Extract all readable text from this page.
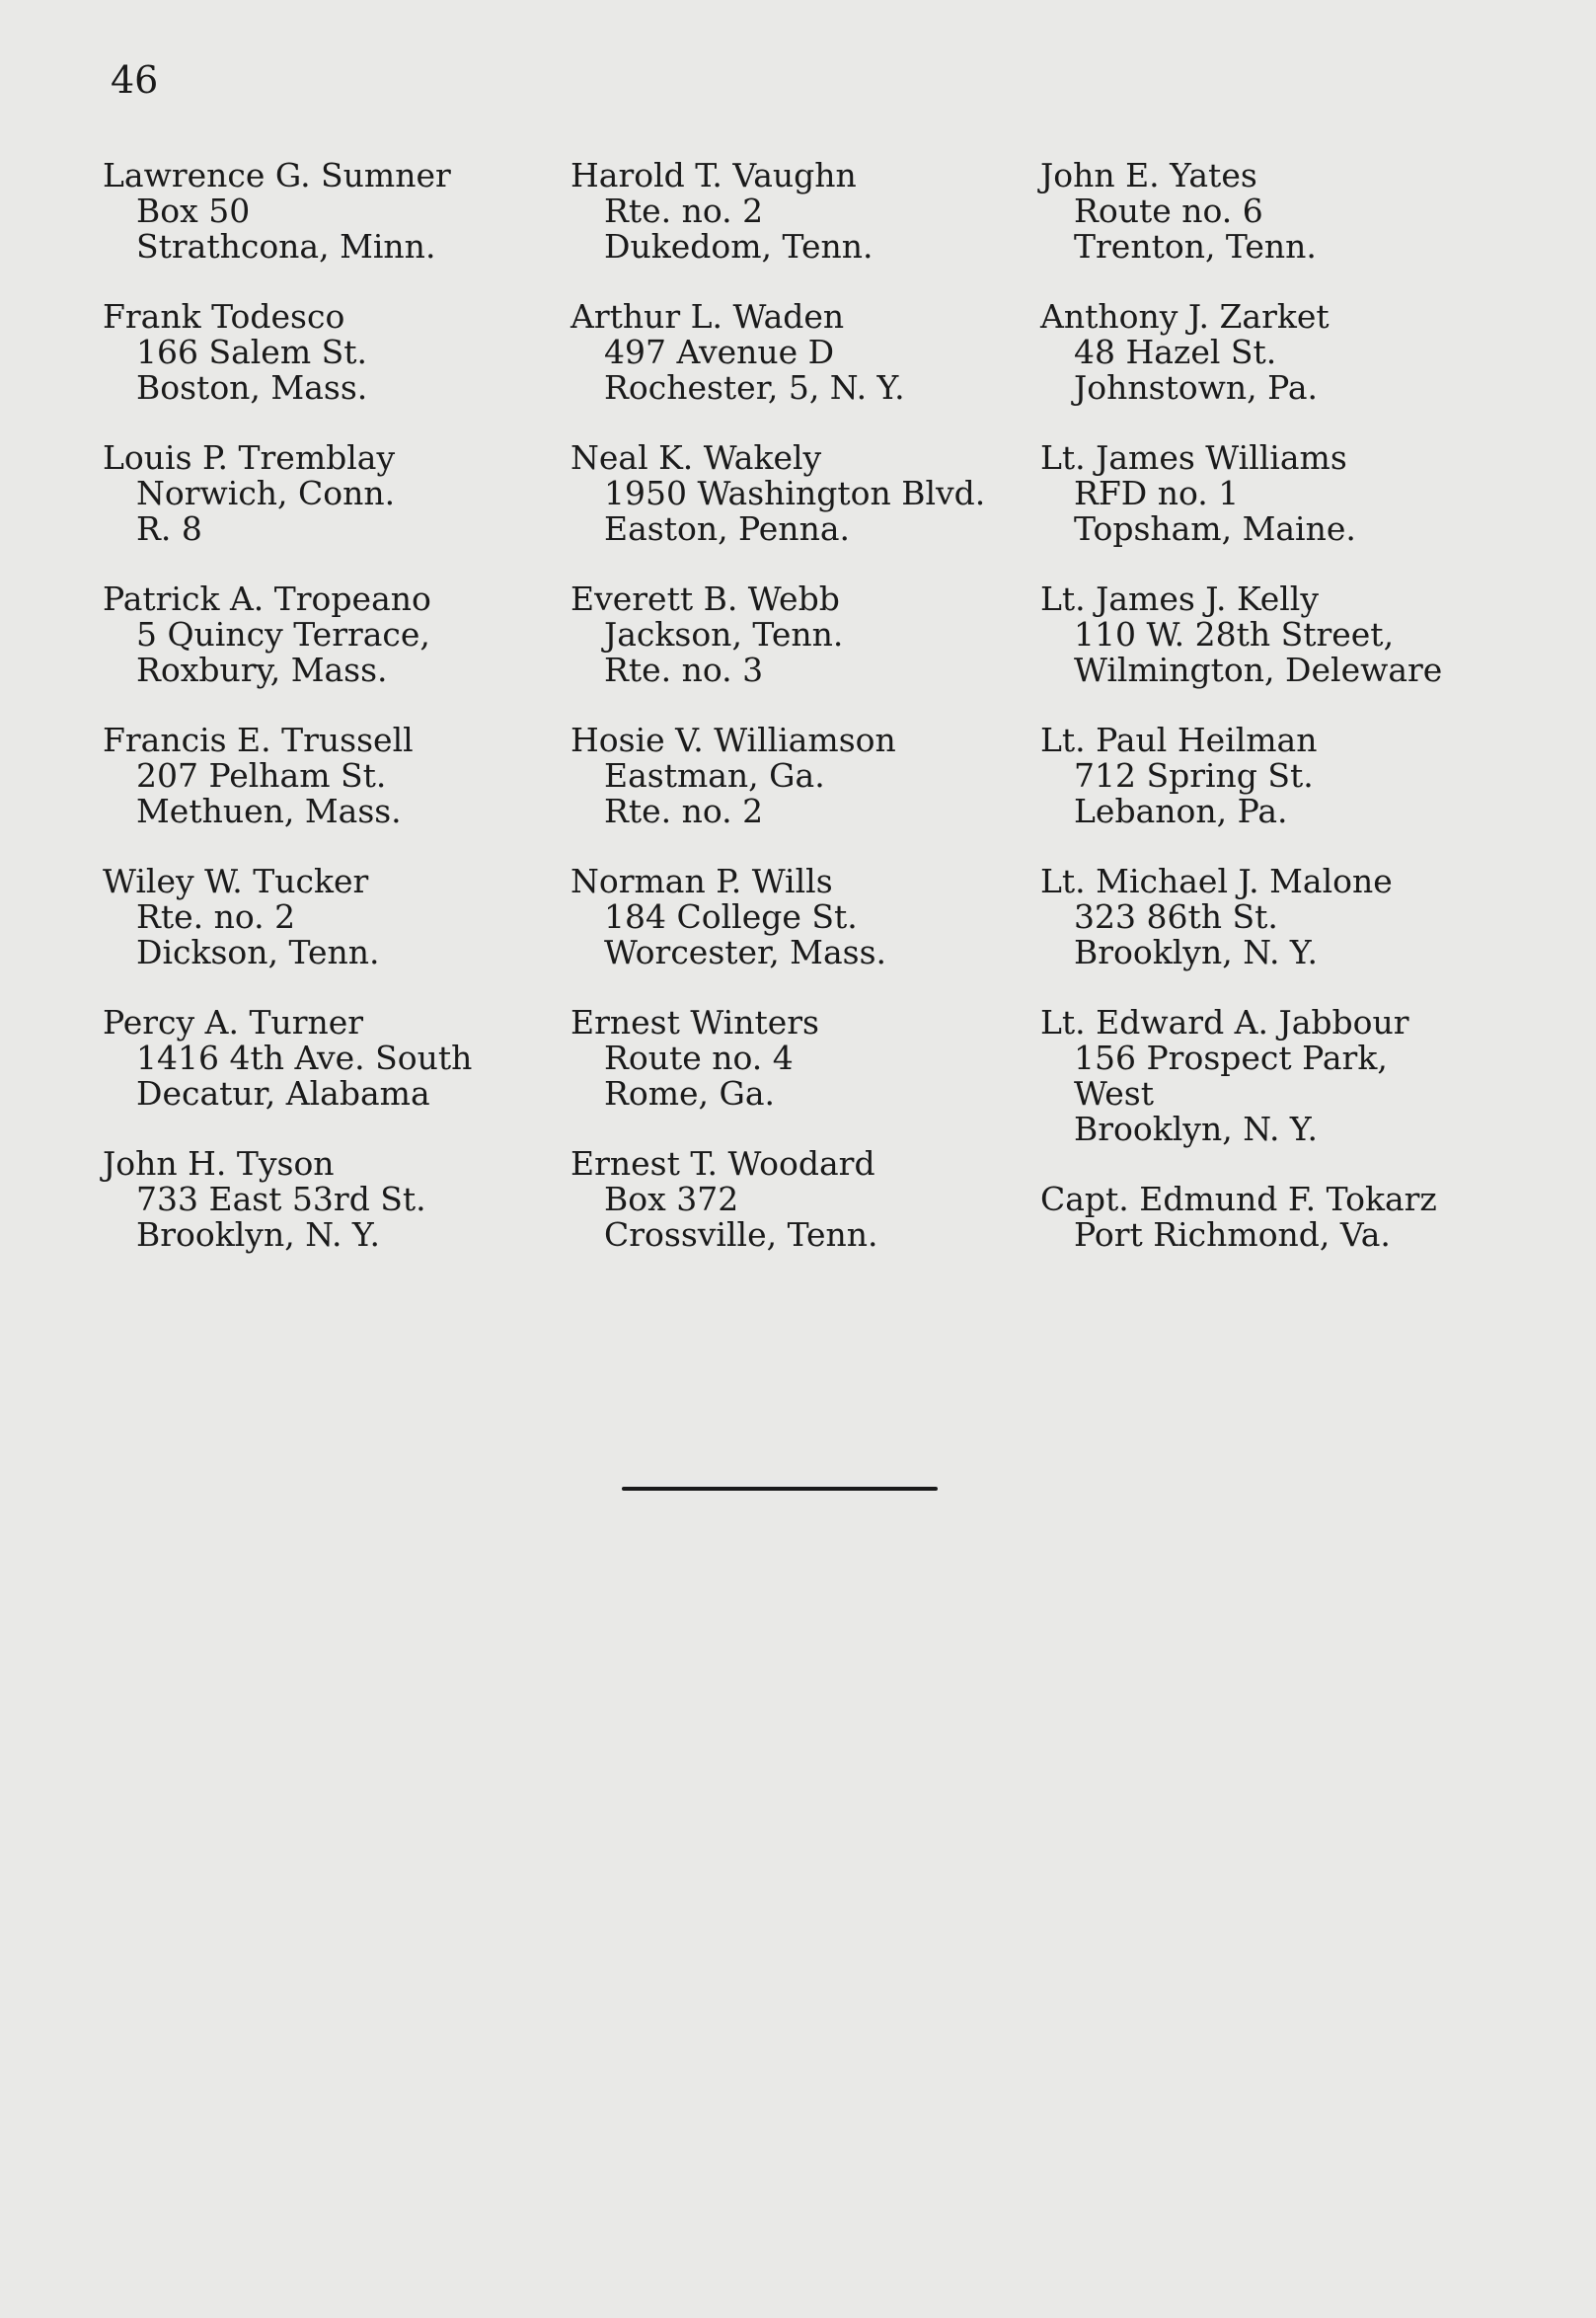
46
Lawrence G. Sumner
Box 50
Strathcona, Minn.
Frank Todesco
166 Salem St.
Boston, Mass.
Louis P. Tremblay
Norwich, Conn.
R. 8
Patrick A. Tropeano
5 Quincy Terrace,
Roxbury, Mass.
Francis E. Trussell
207 Pelham St.
Methuen, Mass.
Wiley W. Tucker
Rte. no. 2
Dickson, Tenn.
Percy A. Turner
1416 4th Ave. South
Decatur, Alabama
John H. Tyson
733 East 53rd St.
Brooklyn, N. Y.
Harold T. Vaughn
Rte. no. 2
Dukedom, Tenn.
Arthur L. Waden
497 Avenue D
Rochester, 5, N. Y.
Neal K. Wakely
1950 Washington Blvd.
Easton, Penna.
Everett B. Webb
Jackson, Tenn.
Rte. no. 3
Hosie V. Williamson
Eastman, Ga.
Rte. no. 2
Norman P. Wills
184 College St.
Worcester, Mass.
Ernest Winters
Route no. 4
Rome, Ga.
Ernest T. Woodard
Box 372
Crossville, Tenn.
John E. Yates
Route no. 6
Trenton, Tenn.
Anthony J. Zarket
48 Hazel St.
Johnstown, Pa.
Lt. James Williams
RFD no. 1
Topsham, Maine.
Lt. James J. Kelly
110 W. 28th Street,
Wilmington, Deleware
Lt. Paul Heilman
712 Spring St.
Lebanon, Pa.
Lt. Michael J. Malone
323 86th St.
Brooklyn, N. Y.
Lt. Edward A. Jabbour
156 Prospect Park,
West
Brooklyn, N. Y.
Capt. Edmund F. Tokarz
Port Richmond, Va.
